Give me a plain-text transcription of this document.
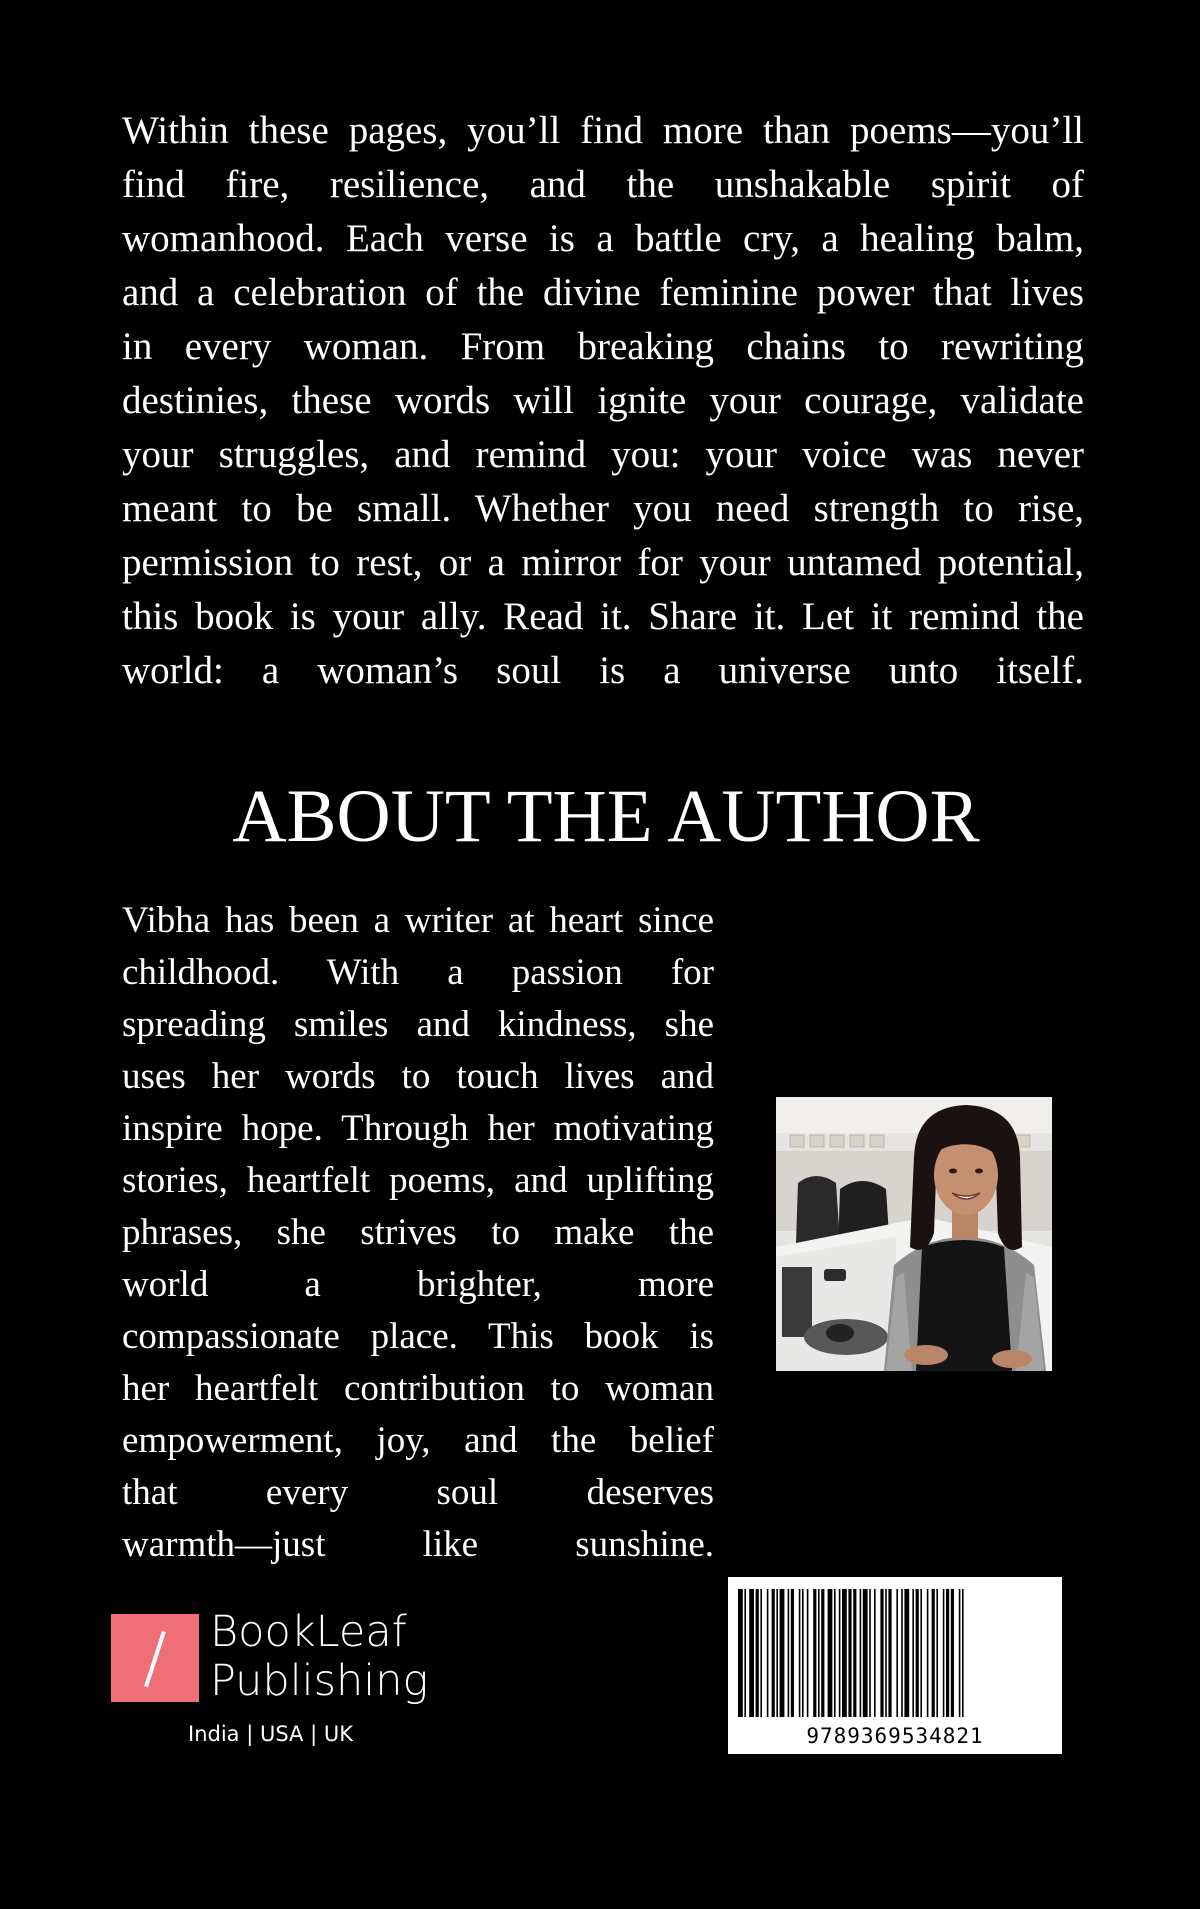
Within these pages, you’ll find more than poems—you’ll
find fire, resilience, and the unshakable spirit of
womanhood. Each verse is a battle cry, a healing balm,
and a celebration of the divine feminine power that lives
in every woman. From breaking chains to rewriting
destinies, these words will ignite your courage, validate
your struggles, and remind you: your voice was never
meant to be small. Whether you need strength to rise,
permission to rest, or a mirror for your untamed potential,
this book is your ally. Read it. Share it. Let it remind the
world: a woman’s soul is a universe unto itself.
ABOUT THE AUTHOR
Vibha has been a writer at heart since
childhood. With a passion for
spreading smiles and kindness, she
uses her words to touch lives and
inspire hope. Through her motivating
stories, heartfelt poems, and uplifting
phrases, she strives to make the
world a brighter, more
compassionate place. This book is
her heartfelt contribution to woman
empowerment, joy, and the belief
that every soul deserves
warmth—just like sunshine.
BookLeaf
Publishing
India | USA | UK	9789369534821
